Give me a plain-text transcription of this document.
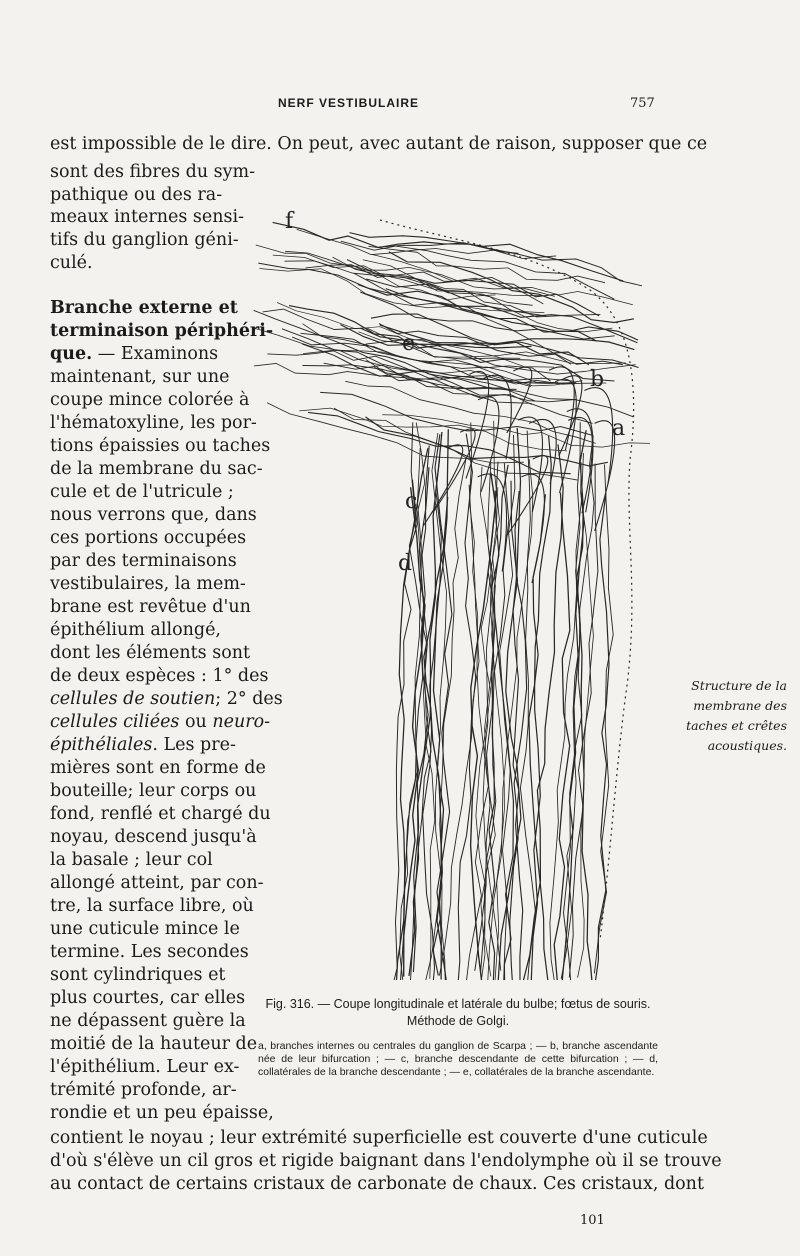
NERF VESTIBULAIRE	757

est impossible de le dire. On peut, avec autant de raison, supposer que ce

sont des fibres du sym-

pathique ou des ra-

meaux internes sensi-

tifs du ganglion géni-

culé.

Branche externe et

terminaison périphéri-

que. — Examinons

maintenant, sur une

coupe mince colorée à

l'hématoxyline, les por-

tions épaissies ou taches

de la membrane du sac-

cule et de l'utricule ;

nous verrons que, dans

ces portions occupées

par des terminaisons

vestibulaires, la mem-

brane est revêtue d'un

épithélium allongé,

dont les éléments sont

de deux espèces : 1° des

cellules de soutien; 2° des

cellules ciliées ou neuro-

épithéliales. Les pre-

mières sont en forme de

bouteille; leur corps ou

fond, renflé et chargé du

noyau, descend jusqu'à

la basale ; leur col

allongé atteint, par con-

tre, la surface libre, où

une cuticule mince le

termine. Les secondes

sont cylindriques et

plus courtes, car elles

ne dépassent guère la

moitié de la hauteur de

l'épithélium. Leur ex-

trémité profonde, ar-

rondie et un peu épaisse,

contient le noyau ; leur extrémité superficielle est couverte d'une cuticule

d'où s'élève un cil gros et rigide baignant dans l'endolymphe où il se trouve

au contact de certains cristaux de carbonate de chaux. Ces cristaux, dont

f
e
b
a
c
d
Fig. 316. — Coupe longitudinale et latérale du bulbe; fœtus de souris. Méthode de Golgi.
a, branches internes ou centrales du ganglion de Scarpa ; — b, branche ascendante née de leur bifurcation ; — c, branche descendante de cette bifurcation ; — d, collatérales de la branche descendante ; — e, collatérales de la branche ascendante.
Structure de la membrane des taches et crêtes acoustiques.
101
